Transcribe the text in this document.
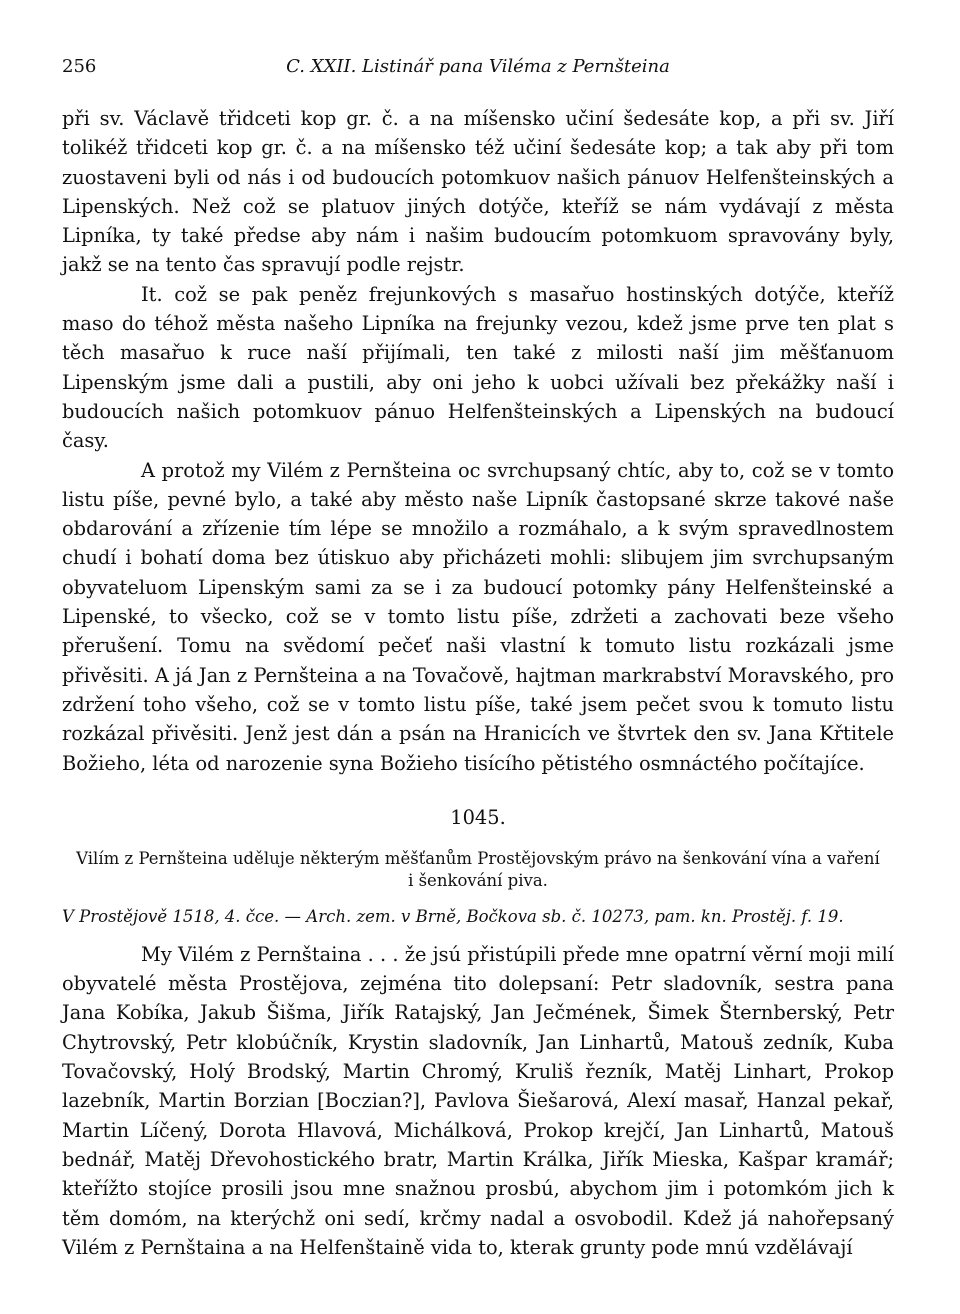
256	C. XXII. Listinář pana Viléma z Pernšteina

při sv. Václavě třidceti kop gr. č. a na míšensko učiní šedesáte kop, a při sv. Jiří tolikéž třidceti kop gr. č. a na míšensko též učiní šedesáte kop; a tak aby při tom zuostaveni byli od nás i od budoucích potomkuov našich pánuov Helfenšteinských a Lipenských. Než což se platuov jiných dotýče, kteříž se nám vydávají z města Lipníka, ty také předse aby nám i našim budoucím potomkuom spravovány byly, jakž se na tento čas spravují podle rejstr.

It. což se pak peněz frejunkových s masařuo hostinských dotýče, kteříž maso do téhož města našeho Lipníka na frejunky vezou, kdež jsme prve ten plat s těch masařuo k ruce naší přijímali, ten také z milosti naší jim měšťanuom Lipenským jsme dali a pustili, aby oni jeho k uobci užívali bez překážky naší i budoucích našich potomkuov pánuo Helfenšteinských a Lipenských na budoucí časy.

A protož my Vilém z Pernšteina oc svrchupsaný chtíc, aby to, což se v tomto listu píše, pevné bylo, a také aby město naše Lipník častopsané skrze takové naše obdarování a zřízenie tím lépe se množilo a rozmáhalo, a k svým spravedlnostem chudí i bohatí doma bez útiskuo aby přicházeti mohli: slibujem jim svrchupsaným obyvateluom Lipenským sami za se i za budoucí potomky pány Helfenšteinské a Lipenské, to všecko, což se v tomto listu píše, zdržeti a zachovati beze všeho přerušení. Tomu na svědomí pečeť naši vlastní k tomuto listu rozkázali jsme přivěsiti. A já Jan z Pernšteina a na Tovačově, hajtman markrabství Moravského, pro zdržení toho všeho, což se v tomto listu píše, také jsem pečet svou k tomuto listu rozkázal přivěsiti. Jenž jest dán a psán na Hranicích ve štvrtek den sv. Jana Křtitele Božieho, léta od narozenie syna Božieho tisícího pětistého osmnáctého počítajíce.

1045.
Vilím z Pernšteina uděluje některým měšťanům Prostějovským právo na šenkování vína a vaření i šenkování piva.
V Prostějově 1518, 4. čce. — Arch. zem. v Brně, Bočkova sb. č. 10273, pam. kn. Prostěj. f. 19.

My Vilém z Pernštaina . . . že jsú přistúpili přede mne opatrní věrní moji milí obyvatelé města Prostějova, zejména tito dolepsaní: Petr sladovník, sestra pana Jana Kobíka, Jakub Šišma, Jiřík Ratajský, Jan Ječmének, Šimek Šternberský, Petr Chytrovský, Petr klobúčník, Krystin sladovník, Jan Linhartů, Matouš zedník, Kuba Tovačovský, Holý Brodský, Martin Chromý, Kruliš řezník, Matěj Linhart, Prokop lazebník, Martin Borzian [Boczian?], Pavlova Šiešarová, Alexí masař, Hanzal pekař, Martin Líčený, Dorota Hlavová, Michálková, Prokop krejčí, Jan Linhartů, Matouš bednář, Matěj Dřevohostického bratr, Martin Králka, Jiřík Mieska, Kašpar kramář; kteřížto stojíce prosili jsou mne snažnou prosbú, abychom jim i potomkóm jich k těm domóm, na kterýchž oni sedí, krčmy nadal a osvobodil. Kdež já nahořepsaný Vilém z Pernštaina a na Helfenštaině vida to, kterak grunty pode mnú vzdělávají
